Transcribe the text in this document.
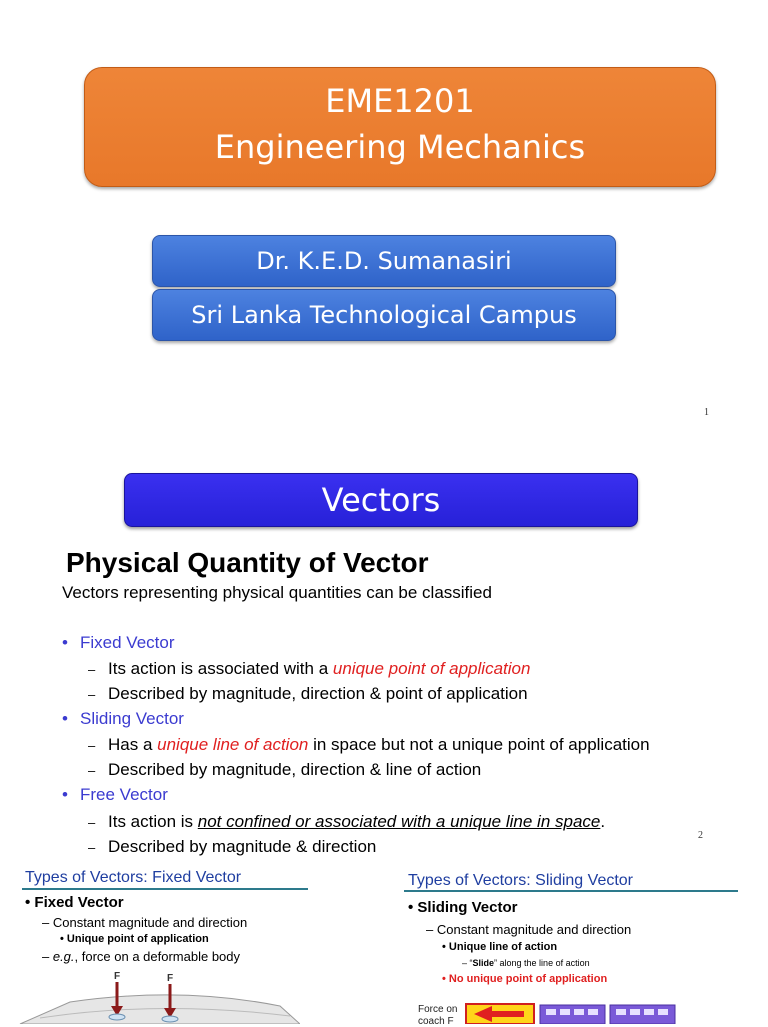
EME1201
Engineering Mechanics
Dr. K.E.D. Sumanasiri
Sri Lanka Technological Campus
1
Vectors
Physical Quantity of Vector
Vectors representing physical quantities can be classified
• Fixed Vector
– Its action is associated with a unique point of application
– Described by magnitude, direction & point of application
• Sliding Vector
– Has a unique line of action in space but not a unique point of application
– Described by magnitude, direction & line of action
• Free Vector
– Its action is not confined or associated with a unique line in space.
– Described by magnitude & direction
2
Types of Vectors: Fixed Vector
• Fixed Vector
– Constant magnitude and direction
• Unique point of application
– e.g., force on a deformable body
F	F
Types of Vectors: Sliding Vector
• Sliding Vector
– Constant magnitude and direction
• Unique line of action
– “Slide” along the line of action
• No unique point of application
Force on
coach F
